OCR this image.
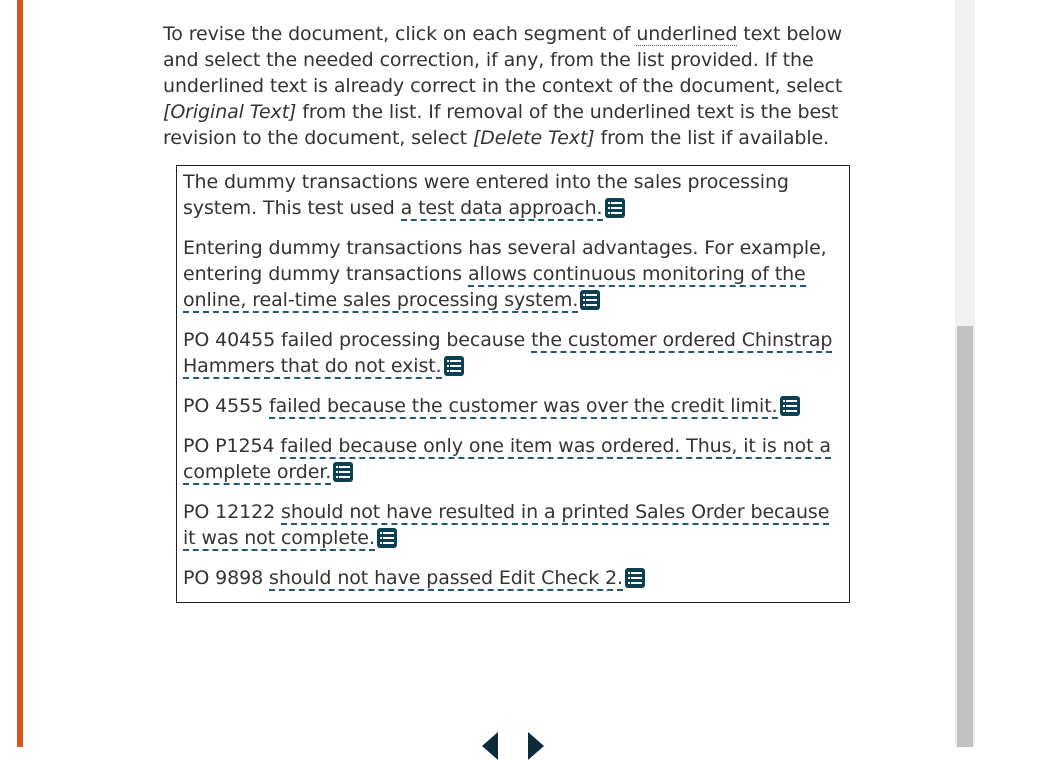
To revise the document, click on each segment of underlined text below and select the needed correction, if any, from the list provided. If the underlined text is already correct in the context of the document, select [Original Text] from the list. If removal of the underlined text is the best revision to the document, select [Delete Text] from the list if available.

The dummy transactions were entered into the sales processing system. This test used a test data approach.

Entering dummy transactions has several advantages. For example, entering dummy transactions allows continuous monitoring of the online, real-time sales processing system.

PO 40455 failed processing because the customer ordered Chinstrap Hammers that do not exist.

PO 4555 failed because the customer was over the credit limit.

PO P1254 failed because only one item was ordered. Thus, it is not a complete order.

PO 12122 should not have resulted in a printed Sales Order because it was not complete.

PO 9898 should not have passed Edit Check 2.
